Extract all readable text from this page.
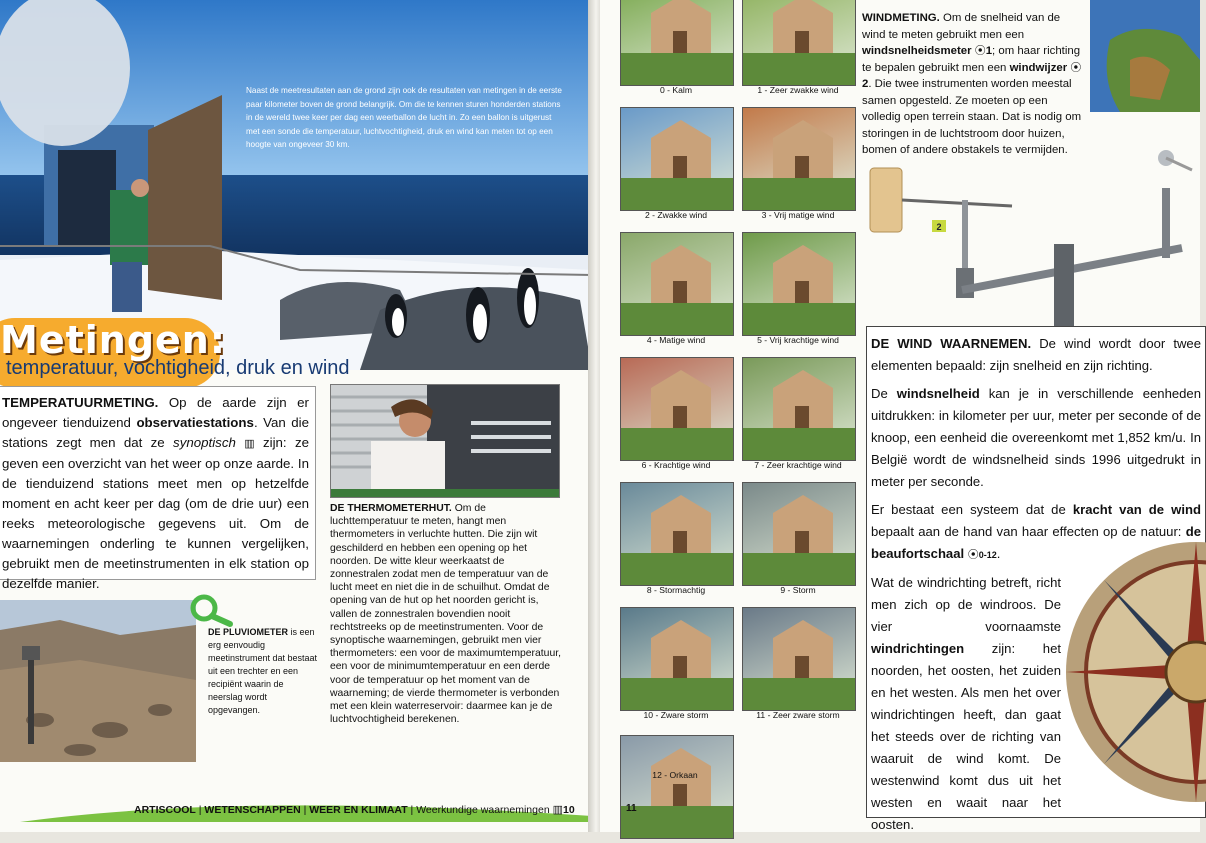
Naast de meetresultaten aan de grond zijn ook de resultaten van metingen in de eerste paar kilometer boven de grond belangrijk. Om die te kennen sturen honderden stations in de wereld twee keer per dag een weerballon de lucht in. Zo een ballon is uitgerust met een sonde die temperatuur, luchtvochtigheid, druk en wind kan meten tot op een hoogte van ongeveer 30 km.
Metingen:
temperatuur, vochtigheid, druk en wind
TEMPERATUURMETING. Op de aarde zijn er ongeveer tienduizend observatiestations. Van die stations zegt men dat ze synoptisch ▥ zijn: ze geven een overzicht van het weer op onze aarde. In de tienduizend stations meet men op hetzelfde moment en acht keer per dag (om de drie uur) een reeks meteorologische gegevens uit. Om de waarnemingen onderling te kunnen vergelijken, gebruikt men de meetinstrumenten in elk station op dezelfde manier.
DE THERMOMETERHUT. Om de luchttemperatuur te meten, hangt men thermometers in verluchte hutten. Die zijn wit geschilderd en hebben een opening op het noorden. De witte kleur weerkaatst de zonnestralen zodat men de temperatuur van de lucht meet en niet die in de schuilhut. Omdat de opening van de hut op het noorden gericht is, vallen de zonnestralen bovendien nooit rechtstreeks op de meetinstrumenten. Voor de synoptische waarnemingen, gebruikt men vier thermometers: een voor de maximumtemperatuur, een voor de minimumtemperatuur en een derde voor de temperatuur op het moment van de waarneming; de vierde thermometer is verbonden met een klein waterreservoir: daarmee kan je de luchtvochtigheid berekenen.
DE PLUVIOMETER is een erg eenvoudig meetinstrument dat bestaat uit een trechter en een recipiënt waarin de neerslag wordt opgevangen.
ARTISCOOL | WETENSCHAPPEN | WEER EN KLIMAAT | Weerkundige waarnemingen ▥10
0 - Kalm	1 - Zeer zwakke wind
2 - Zwakke wind	3 - Vrij matige wind
4 - Matige wind	5 - Vrij krachtige wind
6 - Krachtige wind	7 - Zeer krachtige wind
8 - Stormachtig	9 - Storm
10 - Zware storm	11 - Zeer zware storm
12 - Orkaan
WINDMETING. Om de snelheid van de wind te meten gebruikt men een windsnelheidsmeter ⦿1; om haar richting te bepalen gebruikt men een windwijzer ⦿2. Die twee instrumenten worden meestal samen opgesteld. Ze moeten op een volledig open terrein staan. Dat is nodig om storingen in de luchtstroom door huizen, bomen of andere obstakels te vermijden.
2

DE WIND WAARNEMEN. De wind wordt door twee elementen bepaald: zijn snelheid en zijn richting.

De windsnelheid kan je in verschillende eenheden uitdrukken: in kilometer per uur, meter per seconde of de knoop, een eenheid die overeenkomt met 1,852 km/u. In België wordt de windsnelheid sinds 1996 uitgedrukt in meter per seconde.

Er bestaat een systeem dat de kracht van de wind bepaalt aan de hand van haar effecten op de natuur: de beaufortschaal ⦿0-12.

Wat de windrichting betreft, richt men zich op de windroos. De vier voornaamste windrichtingen zijn: het noorden, het oosten, het zuiden en het westen. Als men het over windrichtingen heeft, dan gaat het steeds over de richting van waaruit de wind komt. De westenwind komt dus uit het westen en waait naar het oosten.

11
